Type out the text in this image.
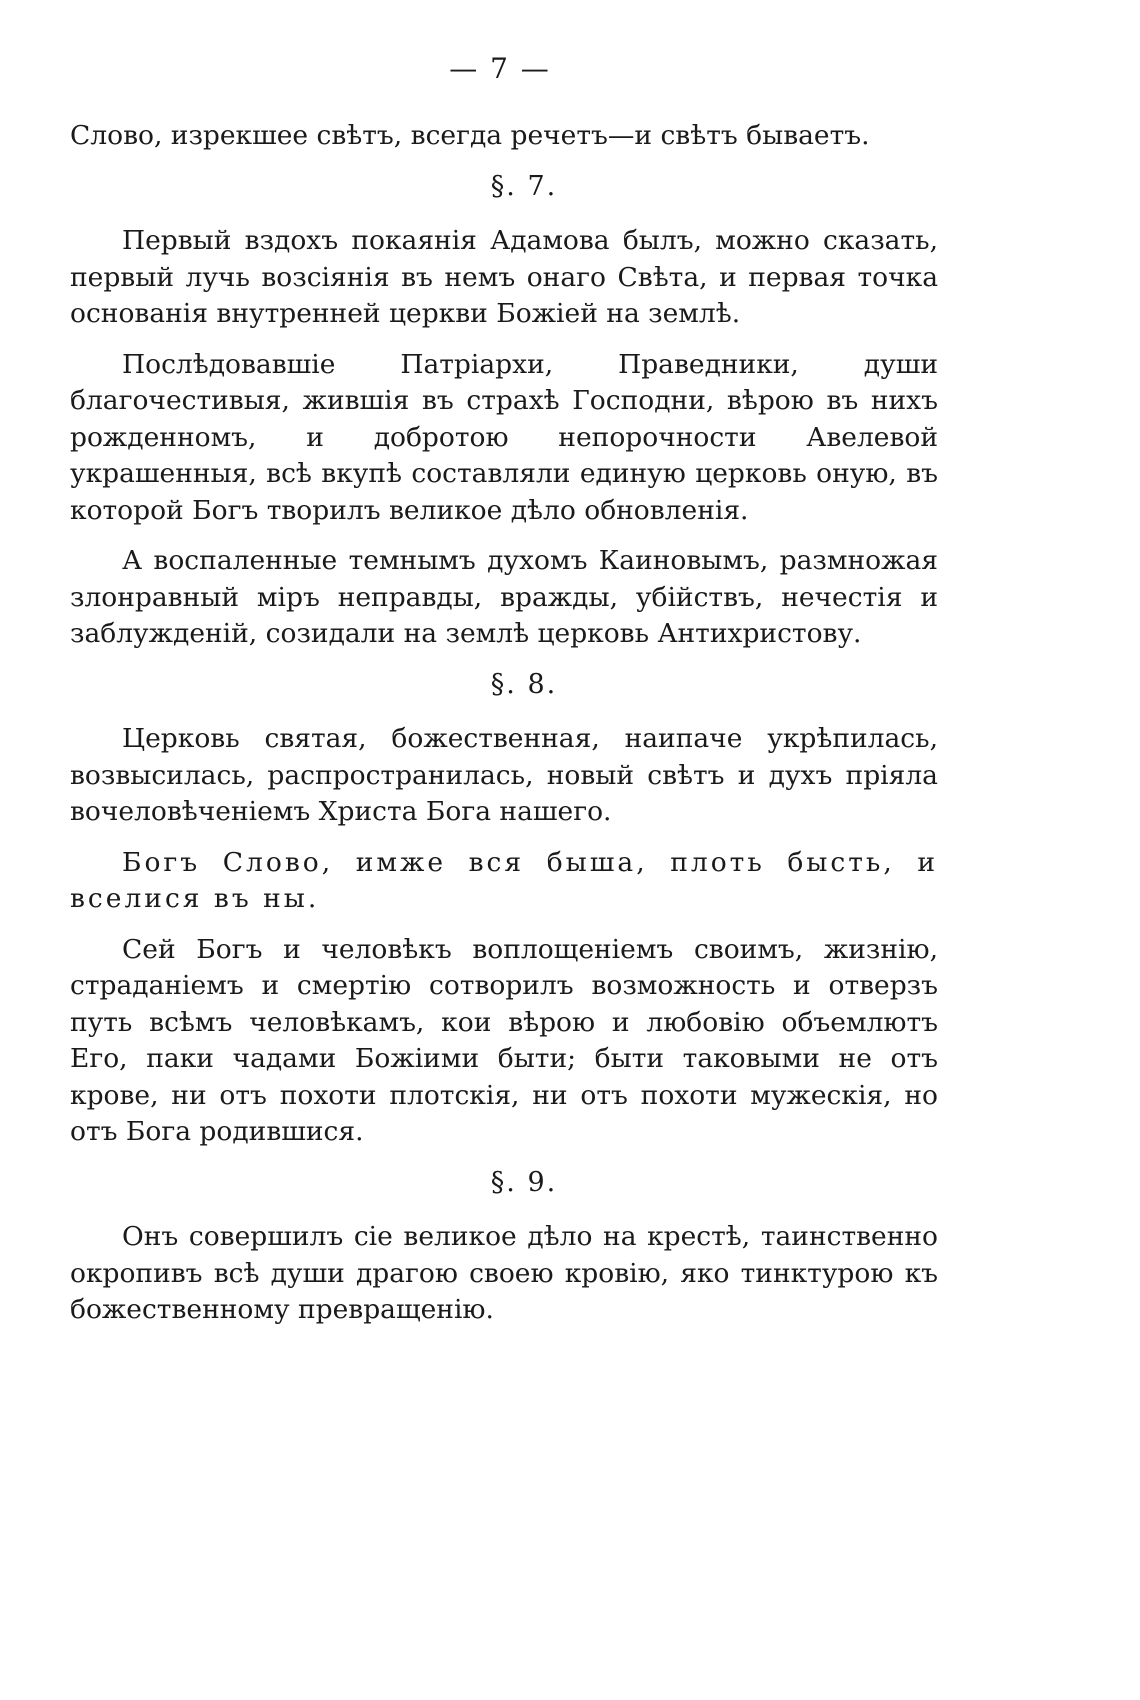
— 7 —

Слово, изрекшее свѣтъ, всегда речетъ—и свѣтъ бываетъ.

§. 7.

Первый вздохъ покаянія Адамова былъ, можно сказать, первый лучь возсіянія въ немъ онаго Свѣта, и первая точка основанія внутренней церкви Божіей на землѣ.

Послѣдовавшіе Патріархи, Праведники, души благочестивыя, жившія въ страхѣ Господни, вѣрою въ нихъ рожденномъ, и добротою непорочности Авелевой украшенныя, всѣ вкупѣ составляли единую церковь оную, въ которой Богъ творилъ великое дѣло обновленія.

А воспаленные темнымъ духомъ Каиновымъ, размножая злонравный міръ неправды, вражды, убійствъ, нечестія и заблужденій, созидали на землѣ церковь Антихристову.

§. 8.

Церковь святая, божественная, наипаче укрѣпилась, возвысилась, распространилась, новый свѣтъ и духъ пріяла вочеловѣченіемъ Христа Бога нашего.

Богъ Слово, имже вся быша, плоть бысть, и вселися въ ны.

Сей Богъ и человѣкъ воплощеніемъ своимъ, жизнію, страданіемъ и смертію сотворилъ возможность и отверзъ путь всѣмъ человѣкамъ, кои вѣрою и любовію объемлютъ Его, паки чадами Божіими быти; быти таковыми не отъ крове, ни отъ похоти плотскія, ни отъ похоти мужескія, но отъ Бога родившися.

§. 9.

Онъ совершилъ сіе великое дѣло на крестѣ, таинственно окропивъ всѣ души драгою своею кровію, яко тинктурою къ божественному превращенію.
